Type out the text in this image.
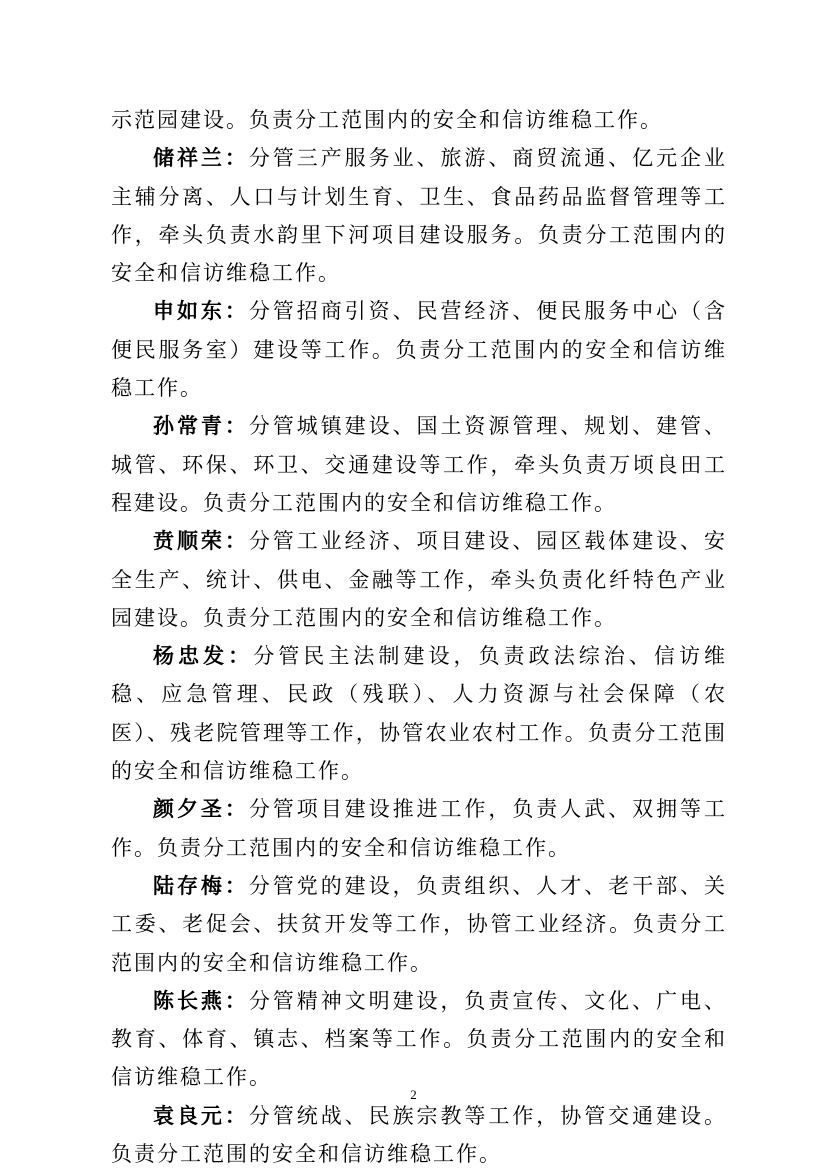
示范园建设。负责分工范围内的安全和信访维稳工作。

储祥兰：分管三产服务业、旅游、商贸流通、亿元企业主辅分离、人口与计划生育、卫生、食品药品监督管理等工作，牵头负责水韵里下河项目建设服务。负责分工范围内的安全和信访维稳工作。

申如东：分管招商引资、民营经济、便民服务中心（含便民服务室）建设等工作。负责分工范围内的安全和信访维稳工作。

孙常青：分管城镇建设、国土资源管理、规划、建管、城管、环保、环卫、交通建设等工作，牵头负责万顷良田工程建设。负责分工范围内的安全和信访维稳工作。

贲顺荣：分管工业经济、项目建设、园区载体建设、安全生产、统计、供电、金融等工作，牵头负责化纤特色产业园建设。负责分工范围内的安全和信访维稳工作。

杨忠发：分管民主法制建设，负责政法综治、信访维稳、应急管理、民政（残联）、人力资源与社会保障（农医）、残老院管理等工作，协管农业农村工作。负责分工范围的安全和信访维稳工作。

颜夕圣：分管项目建设推进工作，负责人武、双拥等工作。负责分工范围内的安全和信访维稳工作。

陆存梅：分管党的建设，负责组织、人才、老干部、关工委、老促会、扶贫开发等工作，协管工业经济。负责分工范围内的安全和信访维稳工作。

陈长燕：分管精神文明建设，负责宣传、文化、广电、教育、体育、镇志、档案等工作。负责分工范围内的安全和信访维稳工作。

袁良元：分管统战、民族宗教等工作，协管交通建设。负责分工范围的安全和信访维稳工作。

2
